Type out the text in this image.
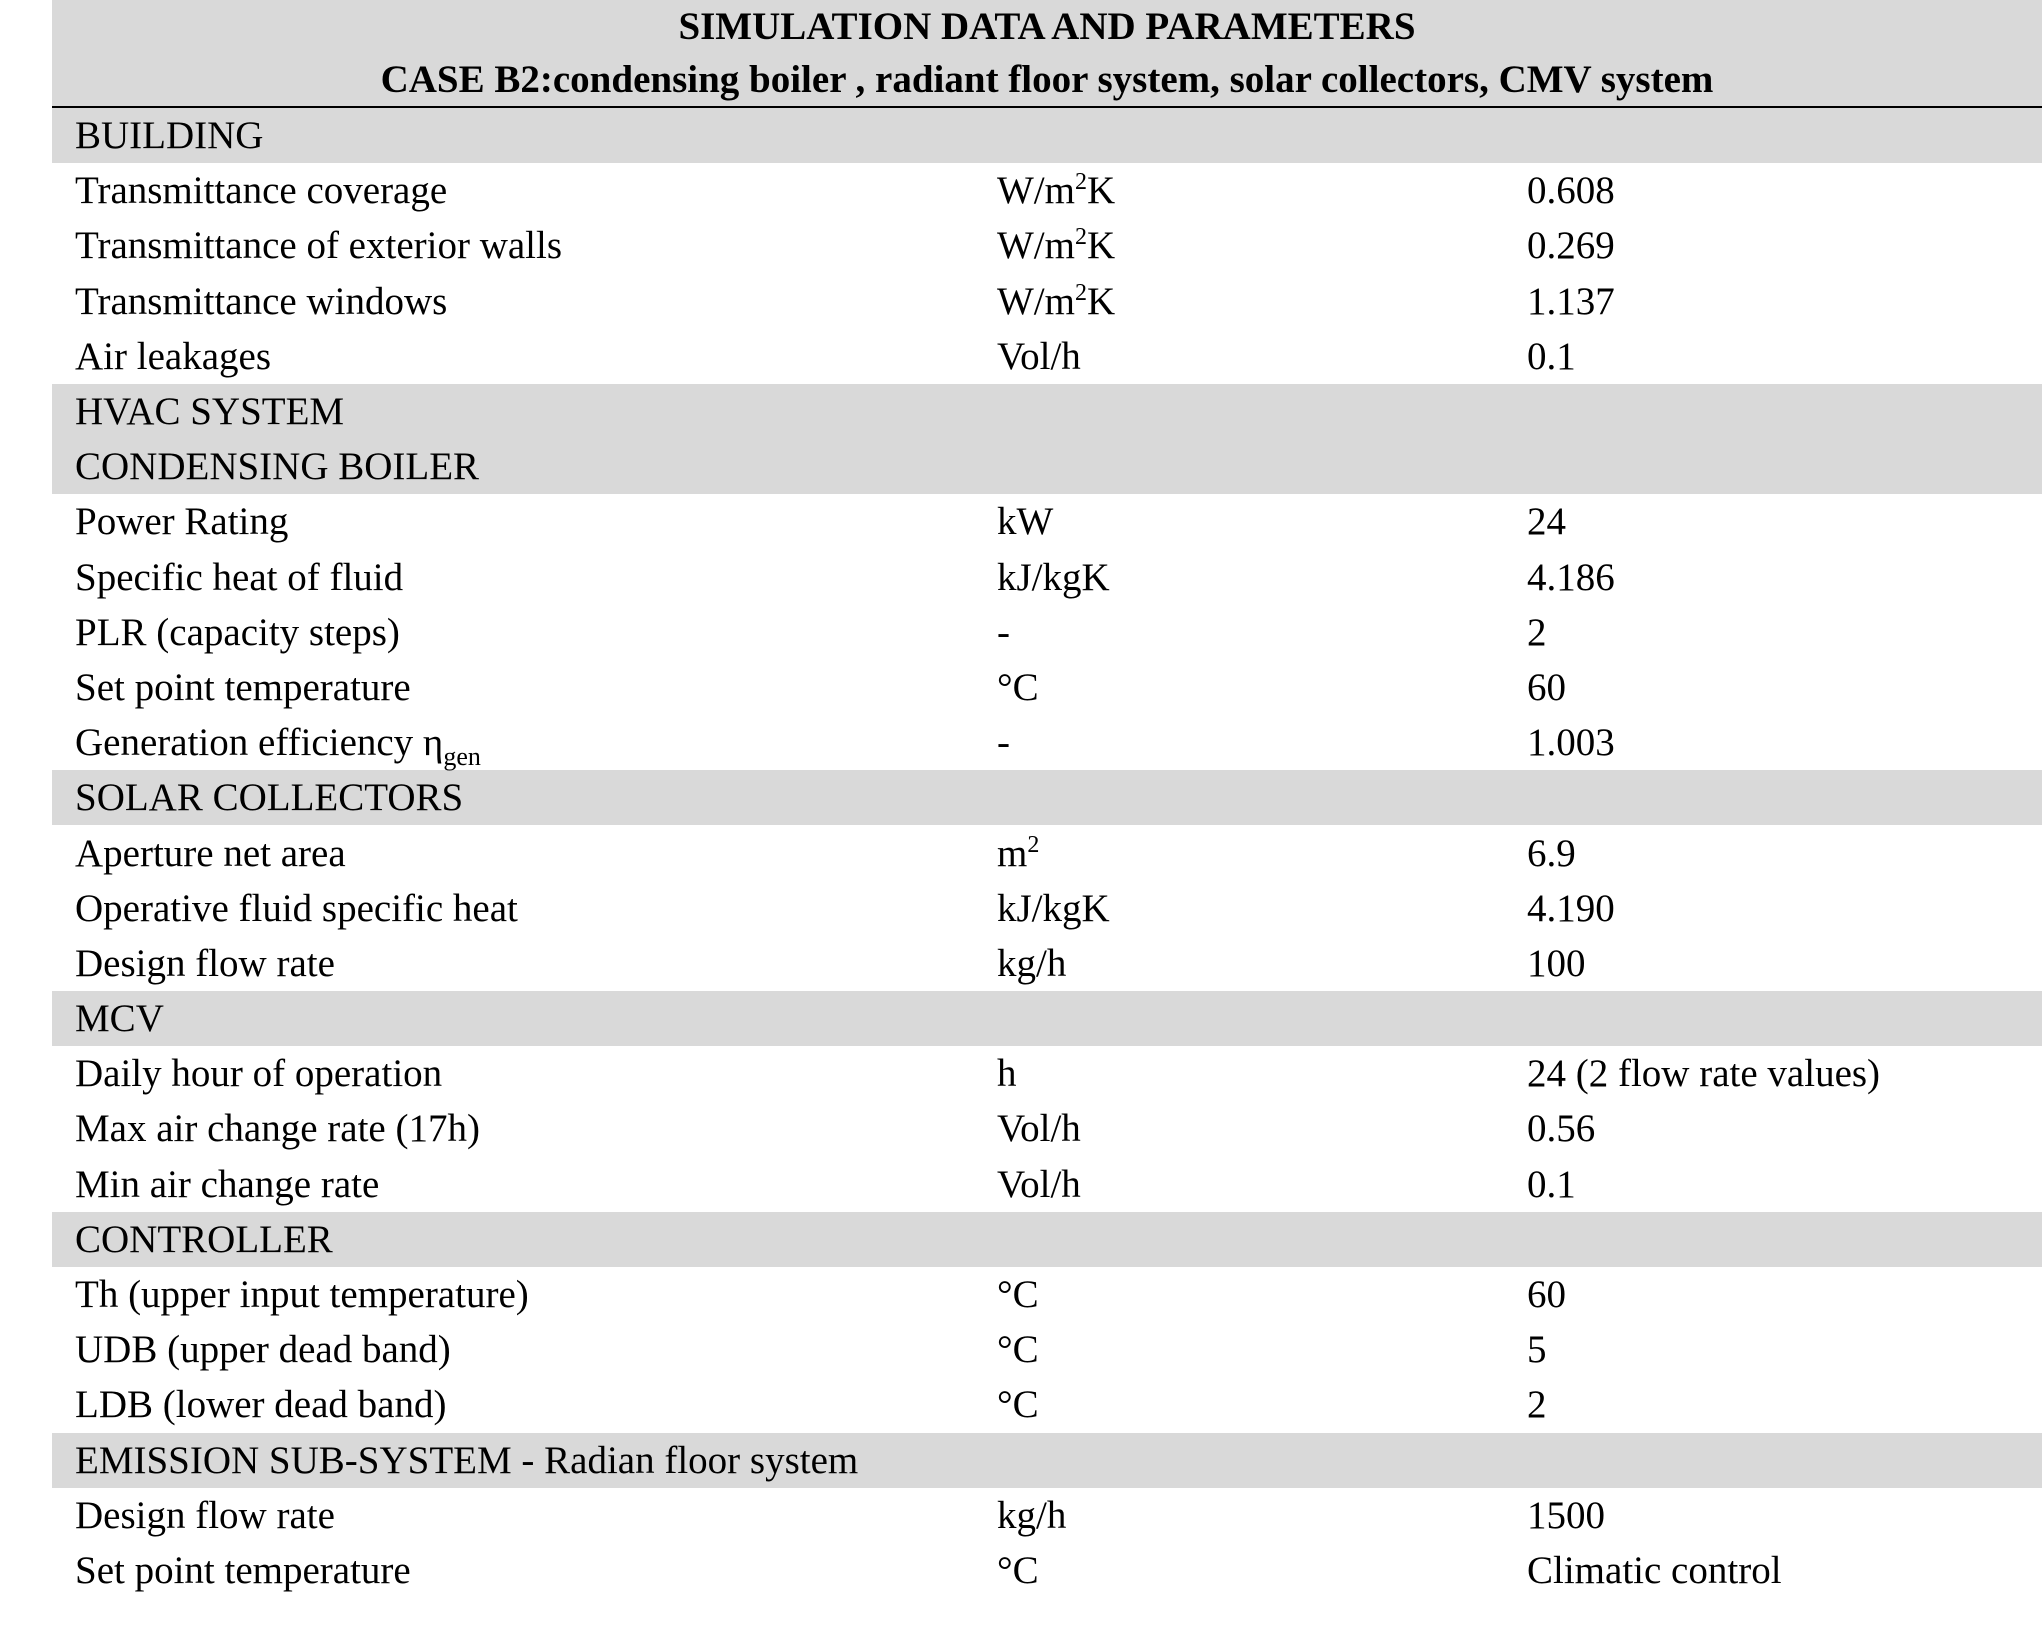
SIMULATION DATA AND PARAMETERS
CASE B2:condensing boiler , radiant floor system, solar collectors, CMV system
BUILDING
Transmittance coverage	$W/m^2K$	0.608
Transmittance of exterior walls	$W/m^2K$	0.269
Transmittance windows	$W/m^2K$	1.137
Air leakages	Vol/h	0.1
HVAC SYSTEM
CONDENSING BOILER
Power Rating	kW	24
Specific heat of fluid	kJ/kgK	4.186
PLR (capacity steps)	-	2
Set point temperature	°C	60
Generation efficiency $\eta_{gen}$	-	1.003
SOLAR COLLECTORS
Aperture net area	$m^2$	6.9
Operative fluid specific heat	kJ/kgK	4.190
Design flow rate	kg/h	100
MCV
Daily hour of operation	h	24 (2 flow rate values)
Max air change rate (17h)	Vol/h	0.56
Min air change rate	Vol/h	0.1
CONTROLLER
Th (upper input temperature)	°C	60
UDB (upper dead band)	°C	5
LDB (lower dead band)	°C	2
EMISSION SUB-SYSTEM - Radian floor system
Design flow rate	kg/h	1500
Set point temperature	°C	Climatic control
